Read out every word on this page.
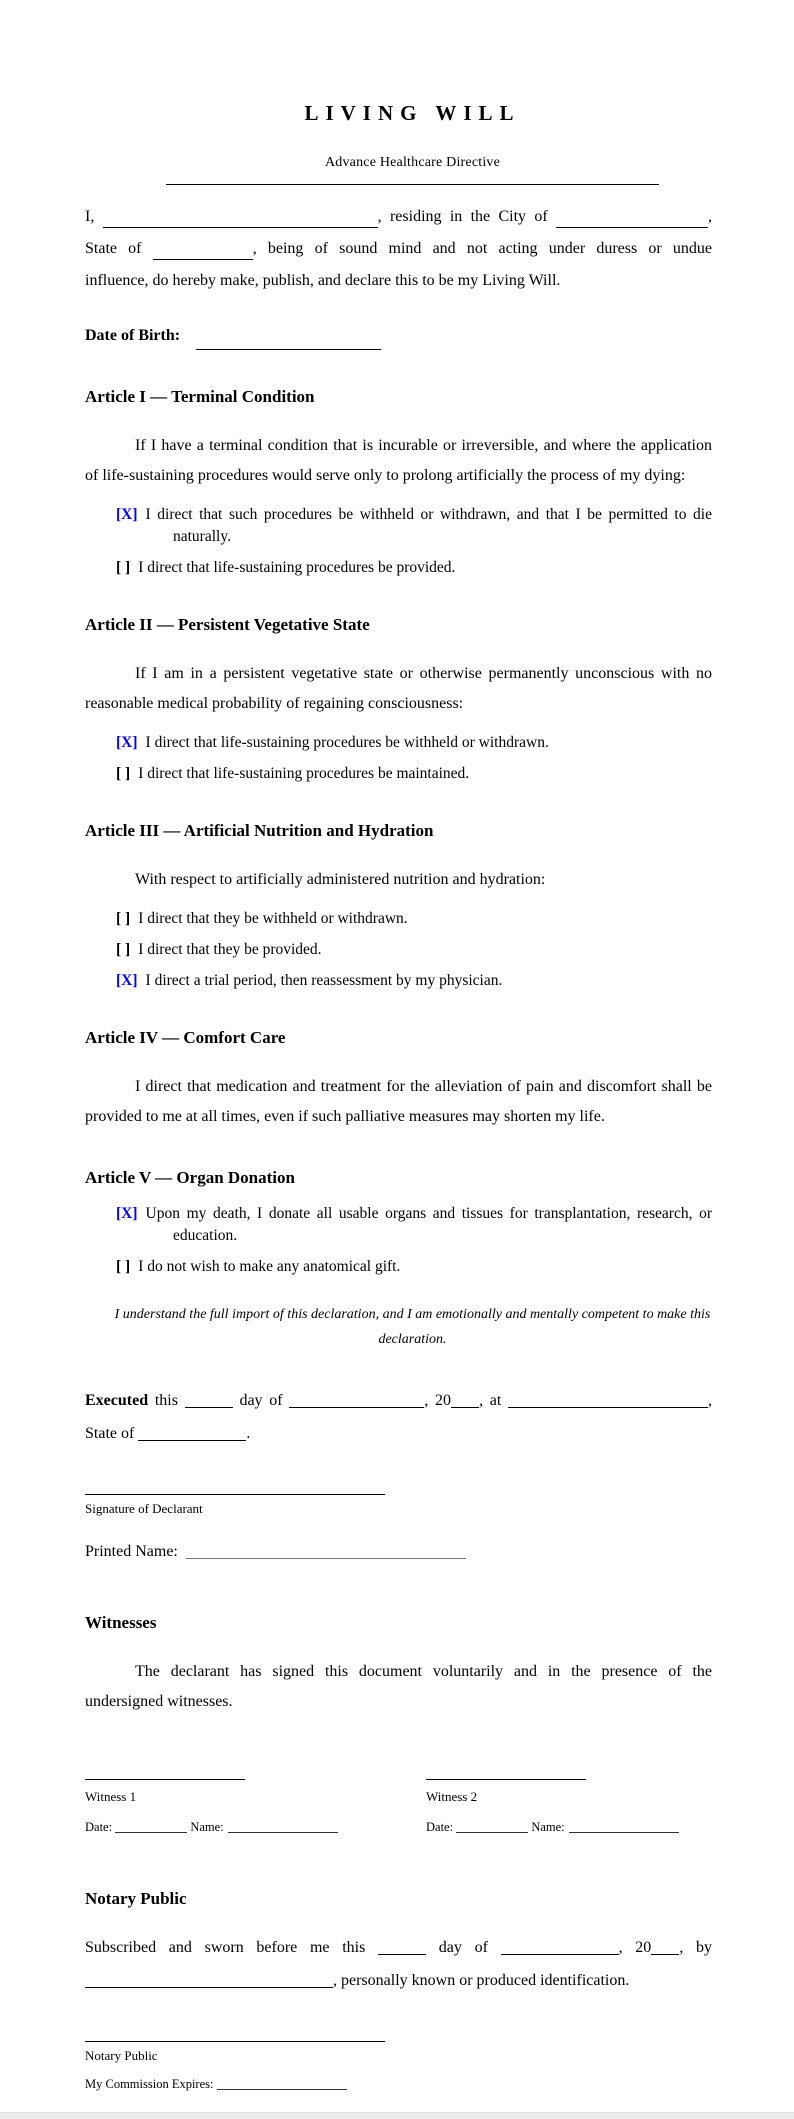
LIVING WILL
Advance Healthcare Directive
I,	, residing in the City of	,
State of	, being of sound mind and not acting under duress or undue
influence, do hereby make, publish, and declare this to be my Living Will.
Date of Birth:
Article I — Terminal Condition
If I have a terminal condition that is incurable or irreversible, and where the application
of life-sustaining procedures would serve only to prolong artificially the process of my dying:
[X] I direct that such procedures be withheld or withdrawn, and that I be permitted to die naturally.
[ ] I direct that life-sustaining procedures be provided.
Article II — Persistent Vegetative State
If I am in a persistent vegetative state or otherwise permanently unconscious with no
reasonable medical probability of regaining consciousness:
[X] I direct that life-sustaining procedures be withheld or withdrawn.
[ ] I direct that life-sustaining procedures be maintained.
Article III — Artificial Nutrition and Hydration
With respect to artificially administered nutrition and hydration:
[ ] I direct that they be withheld or withdrawn.
[ ] I direct that they be provided.
[X] I direct a trial period, then reassessment by my physician.
Article IV — Comfort Care
I direct that medication and treatment for the alleviation of pain and discomfort shall be
provided to me at all times, even if such palliative measures may shorten my life.
Article V — Organ Donation
[X] Upon my death, I donate all usable organs and tissues for transplantation, research, or education.
[ ] I do not wish to make any anatomical gift.
I understand the full import of this declaration, and I am emotionally and mentally competent to make this
declaration.
Executed this	day of	, 20 , at	,
State of	.
Signature of Declarant
Printed Name:
Witnesses
The declarant has signed this document voluntarily and in the presence of the
undersigned witnesses.
Witness 1
Date:	Name:
Witness 2
Date:	Name:
Notary Public
Subscribed and sworn before me this	day of	, 20 , by
, personally known or produced identification.
Notary Public
My Commission Expires:
